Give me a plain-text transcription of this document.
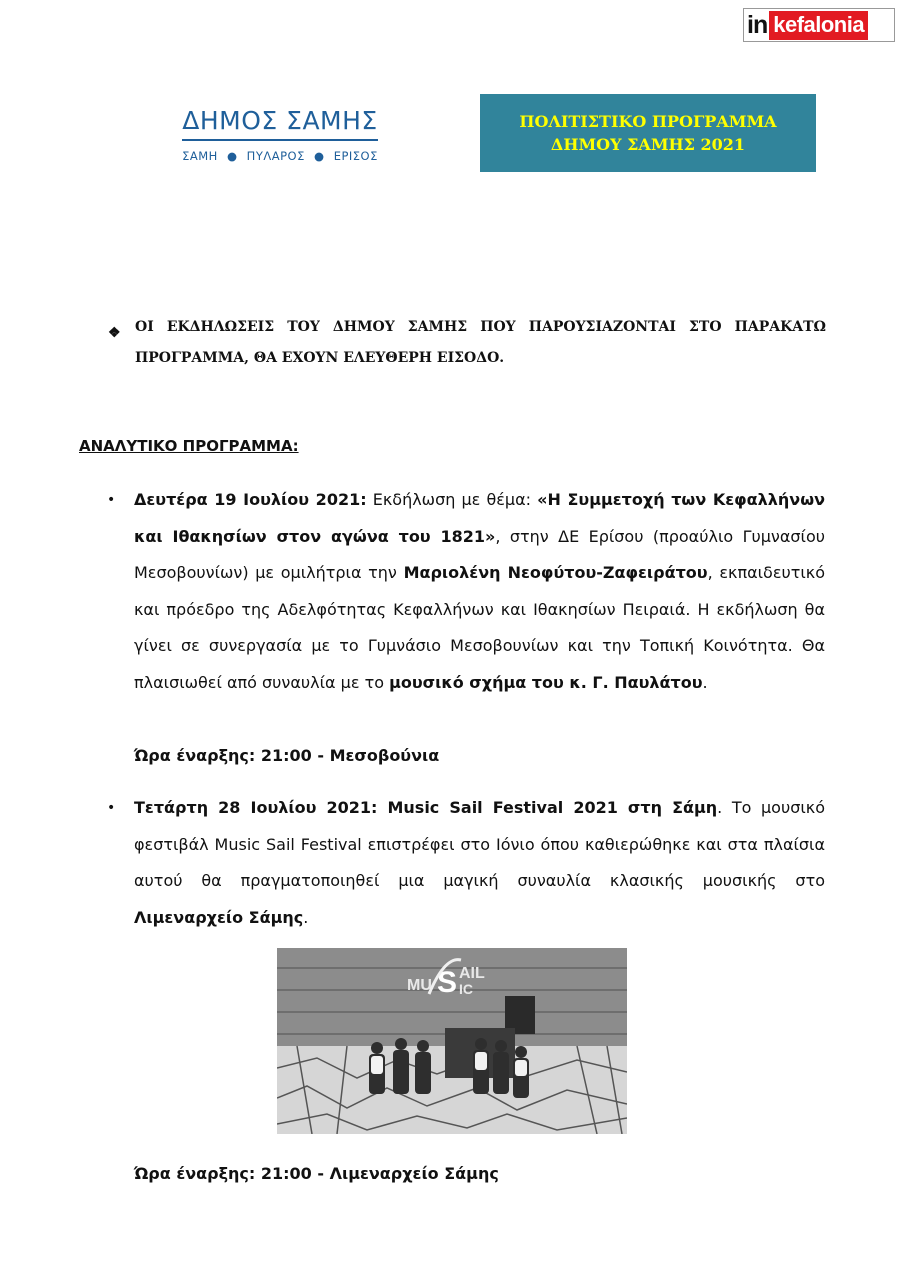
in kefalonia
ΔΗΜΟΣ ΣΑΜΗΣ
ΣΑΜΗ ● ΠΥΛΑΡΟΣ ● ΕΡΙΣΟΣ
ΠΟΛΙΤΙΣΤΙΚΟ ΠΡΟΓΡΑΜΜΑ
ΔΗΜΟΥ ΣΑΜΗΣ 2021
❖ ΟΙ ΕΚΔΗΛΩΣΕΙΣ ΤΟΥ ΔΗΜΟΥ ΣΑΜΗΣ ΠΟΥ ΠΑΡΟΥΣΙΑΖΟΝΤΑΙ ΣΤΟ ΠΑΡΑΚΑΤΩ ΠΡΟΓΡΑΜΜΑ, ΘΑ ΕΧΟΥΝ ΕΛΕΥΘΕΡΗ ΕΙΣΟΔΟ.
ΑΝΑΛΥΤΙΚΟ ΠΡΟΓΡΑΜΜΑ:
• Δευτέρα 19 Ιουλίου 2021: Εκδήλωση με θέμα: «Η Συμμετοχή των Κεφαλλήνων και Ιθακησίων στον αγώνα του 1821», στην ΔΕ Ερίσου (προαύλιο Γυμνασίου Μεσοβουνίων) με ομιλήτρια την Μαριολένη Νεοφύτου-Ζαφειράτου, εκπαιδευτικό και πρόεδρο της Αδελφότητας Κεφαλλήνων και Ιθακησίων Πειραιά. Η εκδήλωση θα γίνει σε συνεργασία με το Γυμνάσιο Μεσοβουνίων και την Τοπική Κοινότητα. Θα πλαισιωθεί από συναυλία με το μουσικό σχήμα του κ. Γ. Παυλάτου.
Ώρα έναρξης: 21:00 - Μεσοβούνια
• Τετάρτη 28 Ιουλίου 2021: Music Sail Festival 2021 στη Σάμη. Το μουσικό φεστιβάλ Music Sail Festival επιστρέφει στο Ιόνιο όπου καθιερώθηκε και στα πλαίσια αυτού θα πραγματοποιηθεί μια μαγική συναυλία κλασικής μουσικής στο Λιμεναρχείο Σάμης.
MU S AIL
IC
Ώρα έναρξης: 21:00 - Λιμεναρχείο Σάμης
